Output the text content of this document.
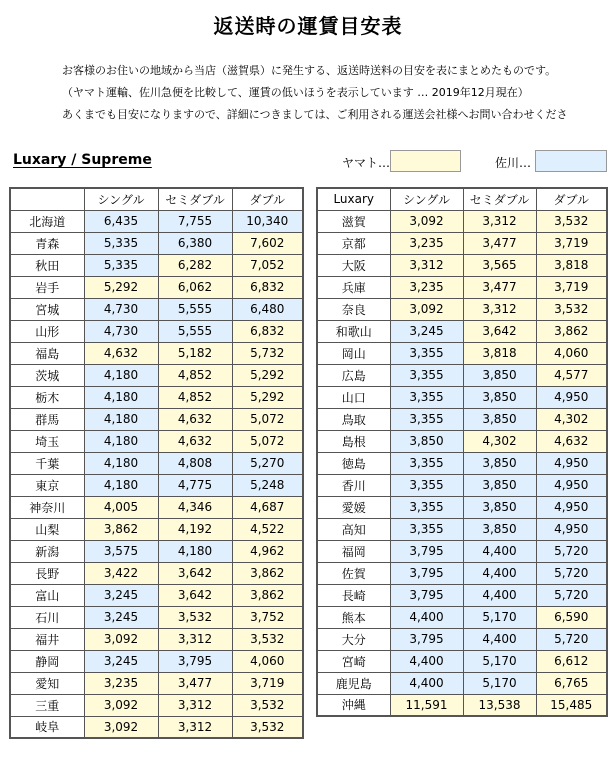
返送時の運賃目安表
お客様のお住いの地域から当店（滋賀県）に発生する、返送時送料の目安を表にまとめたものです。
（ヤマト運輸、佐川急便を比較して、運賃の低いほうを表示しています … 2019年12月現在）
あくまでも目安になりますので、詳細につきましては、ご利用される運送会社様へお問い合わせくださ
Luxary / Supreme	ヤマト…	佐川…
	シングル	セミダブル	ダブル
北海道	6,435	7,755	10,340
青森	5,335	6,380	7,602
秋田	5,335	6,282	7,052
岩手	5,292	6,062	6,832
宮城	4,730	5,555	6,480
山形	4,730	5,555	6,832
福島	4,632	5,182	5,732
茨城	4,180	4,852	5,292
栃木	4,180	4,852	5,292
群馬	4,180	4,632	5,072
埼玉	4,180	4,632	5,072
千葉	4,180	4,808	5,270
東京	4,180	4,775	5,248
神奈川	4,005	4,346	4,687
山梨	3,862	4,192	4,522
新潟	3,575	4,180	4,962
長野	3,422	3,642	3,862
富山	3,245	3,642	3,862
石川	3,245	3,532	3,752
福井	3,092	3,312	3,532
静岡	3,245	3,795	4,060
愛知	3,235	3,477	3,719
三重	3,092	3,312	3,532
岐阜	3,092	3,312	3,532
Luxary	シングル	セミダブル	ダブル
滋賀	3,092	3,312	3,532
京都	3,235	3,477	3,719
大阪	3,312	3,565	3,818
兵庫	3,235	3,477	3,719
奈良	3,092	3,312	3,532
和歌山	3,245	3,642	3,862
岡山	3,355	3,818	4,060
広島	3,355	3,850	4,577
山口	3,355	3,850	4,950
鳥取	3,355	3,850	4,302
島根	3,850	4,302	4,632
徳島	3,355	3,850	4,950
香川	3,355	3,850	4,950
愛媛	3,355	3,850	4,950
高知	3,355	3,850	4,950
福岡	3,795	4,400	5,720
佐賀	3,795	4,400	5,720
長崎	3,795	4,400	5,720
熊本	4,400	5,170	6,590
大分	3,795	4,400	5,720
宮崎	4,400	5,170	6,612
鹿児島	4,400	5,170	6,765
沖縄	11,591	13,538	15,485
